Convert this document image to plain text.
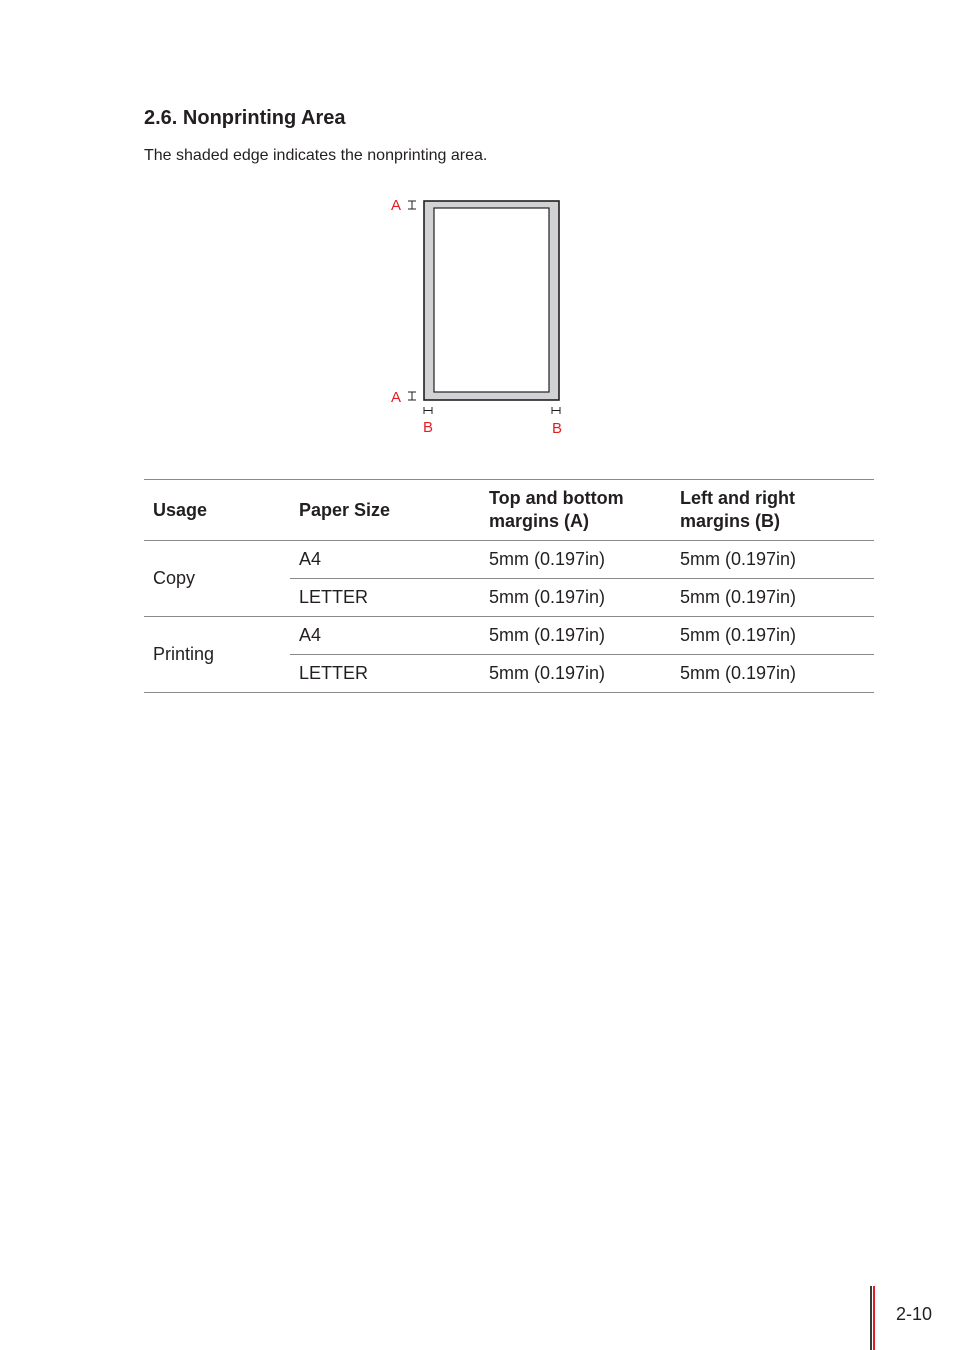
2.6. Nonprinting Area

The shaded edge indicates the nonprinting area.

A
A
B	B
Usage	Paper Size	Top and bottom margins (A)	Left and right margins (B)
Copy	A4	5mm (0.197in)	5mm (0.197in)
	LETTER	5mm (0.197in)	5mm (0.197in)
Printing	A4	5mm (0.197in)	5mm (0.197in)
	LETTER	5mm (0.197in)	5mm (0.197in)
2-10
